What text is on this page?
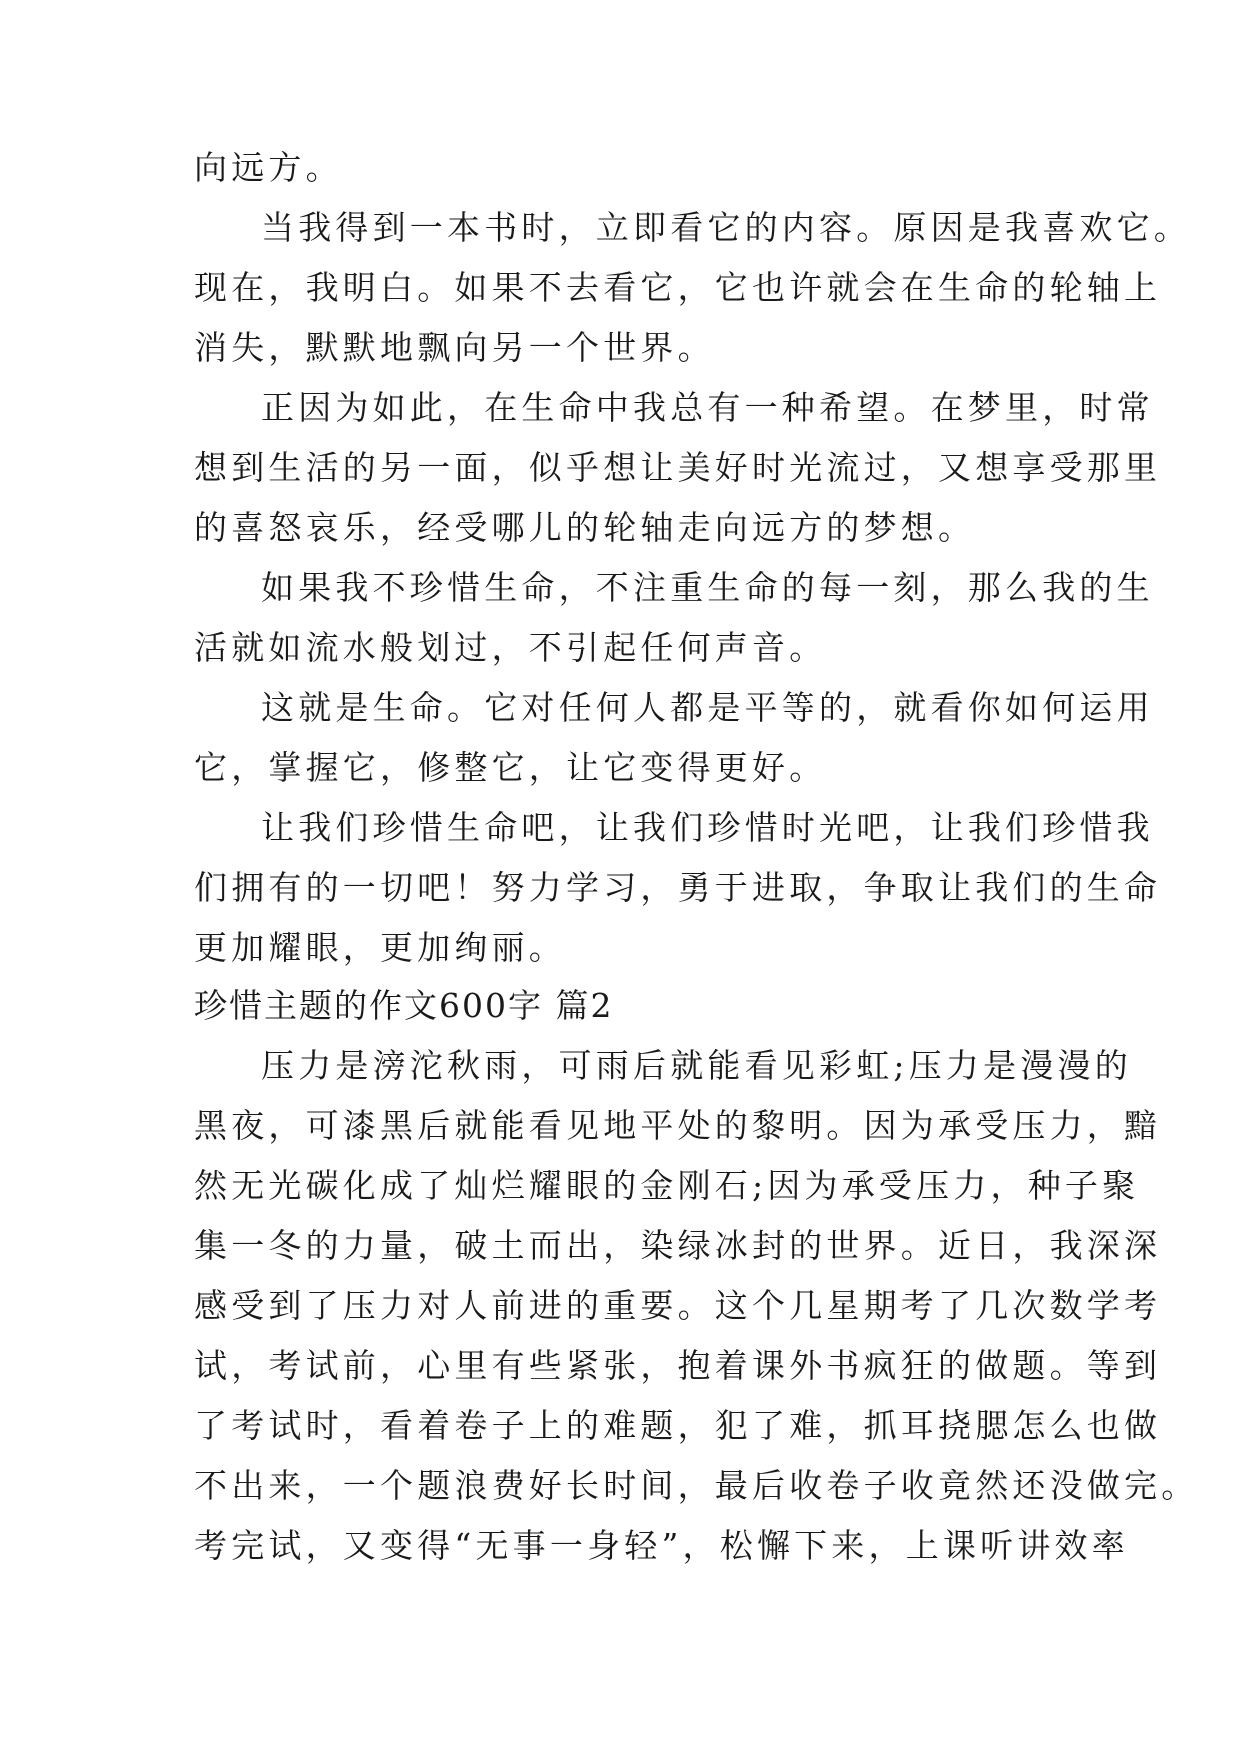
向远方。
当我得到一本书时，立即看它的内容。原因是我喜欢它。
现在，我明白。如果不去看它，它也许就会在生命的轮轴上
消失，默默地飘向另一个世界。
正因为如此，在生命中我总有一种希望。在梦里，时常
想到生活的另一面，似乎想让美好时光流过，又想享受那里
的喜怒哀乐，经受哪儿的轮轴走向远方的梦想。
如果我不珍惜生命，不注重生命的每一刻，那么我的生
活就如流水般划过，不引起任何声音。
这就是生命。它对任何人都是平等的，就看你如何运用
它，掌握它，修整它，让它变得更好。
让我们珍惜生命吧，让我们珍惜时光吧，让我们珍惜我
们拥有的一切吧！努力学习，勇于进取，争取让我们的生命
更加耀眼，更加绚丽。
珍惜主题的作文600字 篇2
压力是滂沱秋雨，可雨后就能看见彩虹;压力是漫漫的
黑夜，可漆黑后就能看见地平处的黎明。因为承受压力，黯
然无光碳化成了灿烂耀眼的金刚石;因为承受压力，种子聚
集一冬的力量，破土而出，染绿冰封的世界。近日，我深深
感受到了压力对人前进的重要。这个几星期考了几次数学考
试，考试前，心里有些紧张，抱着课外书疯狂的做题。等到
了考试时，看着卷子上的难题，犯了难，抓耳挠腮怎么也做
不出来，一个题浪费好长时间，最后收卷子收竟然还没做完。
考完试，又变得“无事一身轻”，松懈下来，上课听讲效率
